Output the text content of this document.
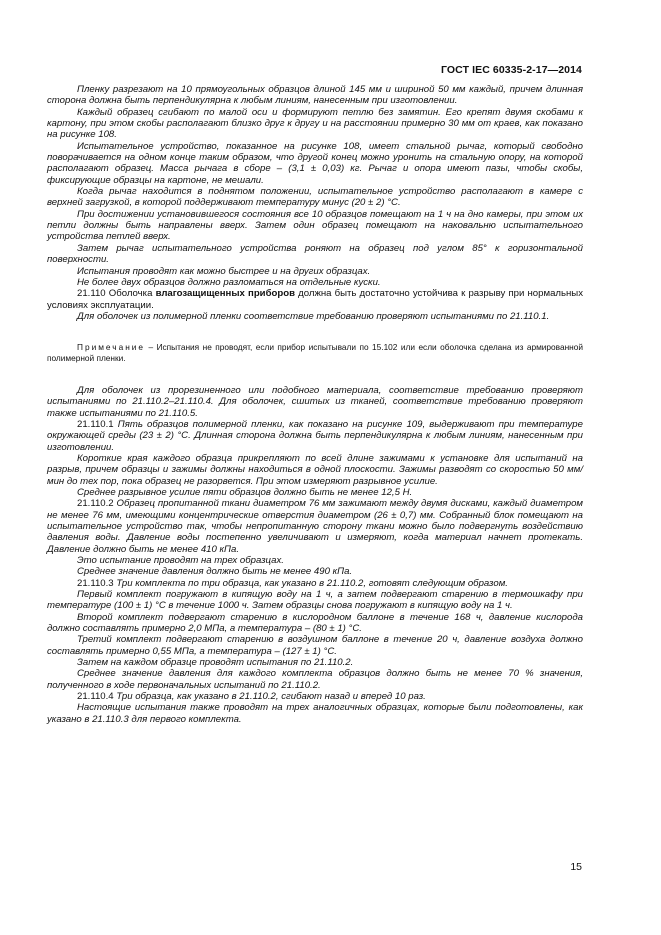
ГОСТ IEC 60335-2-17—2014

Пленку разрезают на 10 прямоугольных образцов длиной 145 мм и шириной 50 мм каждый, причем длинная сторона должна быть перпендикулярна к любым линиям, нанесенным при изготовлении.

Каждый образец сгибают по малой оси и формируют петлю без замятин. Его крепят двумя скобами к картону, при этом скобы располагают близко друг к другу и на расстоянии примерно 30 мм от краев, как показано на рисунке 108.

Испытательное устройство, показанное на рисунке 108, имеет стальной рычаг, который свободно поворачивается на одном конце таким образом, что другой конец можно уронить на стальную опору, на которой располагают образец. Масса рычага в сборе – (3,1 ± 0,03) кг. Рычаг и опора имеют пазы, чтобы скобы, фиксирующие образцы на картоне, не мешали.

Когда рычаг находится в поднятом положении, испытательное устройство располагают в камере с верхней загрузкой, в которой поддерживают температуру минус (20 ± 2) °С.

При достижении установившегося состояния все 10 образцов помещают на 1 ч на дно камеры, при этом их петли должны быть направлены вверх. Затем один образец помещают на наковальню испытательного устройства петлей вверх.

Затем рычаг испытательного устройства роняют на образец под углом 85° к горизонтальной поверхности.

Испытания проводят как можно быстрее и на других образцах.

Не более двух образцов должно разломаться на отдельные куски.

21.110 Оболочка влагозащищенных приборов должна быть достаточно устойчива к разрыву при нормальных условиях эксплуатации.

Для оболочек из полимерной пленки соответствие требованию проверяют испытаниями по 21.110.1.

Примечание – Испытания не проводят, если прибор испытывали по 15.102 или если оболочка сделана из армированной полимерной пленки.

Для оболочек из прорезиненного или подобного материала, соответствие требованию проверяют испытаниями по 21.110.2–21.110.4. Для оболочек, сшитых из тканей, соответствие требованию проверяют также испытаниями по 21.110.5.

21.110.1 Пять образцов полимерной пленки, как показано на рисунке 109, выдерживают при температуре окружающей среды (23 ± 2) °С. Длинная сторона должна быть перпендикулярна к любым линиям, нанесенным при изготовлении.

Короткие края каждого образца прикрепляют по всей длине зажимами к установке для испытаний на разрыв, причем образцы и зажимы должны находиться в одной плоскости. Зажимы разводят со скоростью 50 мм/мин до тех пор, пока образец не разорвется. При этом измеряют разрывное усилие.

Среднее разрывное усилие пяти образцов должно быть не менее 12,5 Н.

21.110.2 Образец пропитанной ткани диаметром 76 мм зажимают между двумя дисками, каждый диаметром не менее 76 мм, имеющими концентрические отверстия диаметром (26 ± 0,7) мм. Собранный блок помещают на испытательное устройство так, чтобы непропитанную сторону ткани можно было подвергнуть воздействию давления воды. Давление воды постепенно увеличивают и измеряют, когда материал начнет протекать. Давление должно быть не менее 410 кПа.

Это испытание проводят на трех образцах.

Среднее значение давления должно быть не менее 490 кПа.

21.110.3 Три комплекта по три образца, как указано в 21.110.2, готовят следующим образом.

Первый комплект погружают в кипящую воду на 1 ч, а затем подвергают старению в термошкафу при температуре (100 ± 1) °С в течение 1000 ч. Затем образцы снова погружают в кипящую воду на 1 ч.

Второй комплект подвергают старению в кислородном баллоне в течение 168 ч, давление кислорода должно составлять примерно 2,0 МПа, а температура – (80 ± 1) °С.

Третий комплект подвергают старению в воздушном баллоне в течение 20 ч, давление воздуха должно составлять примерно 0,55 МПа, а температура – (127 ± 1) °С.

Затем на каждом образце проводят испытания по 21.110.2.

Среднее значение давления для каждого комплекта образцов должно быть не менее 70 % значения, полученного в ходе первоначальных испытаний по 21.110.2.

21.110.4 Три образца, как указано в 21.110.2, сгибают назад и вперед 10 раз.

Настоящие испытания также проводят на трех аналогичных образцах, которые были подготовлены, как указано в 21.110.3 для первого комплекта.

15
